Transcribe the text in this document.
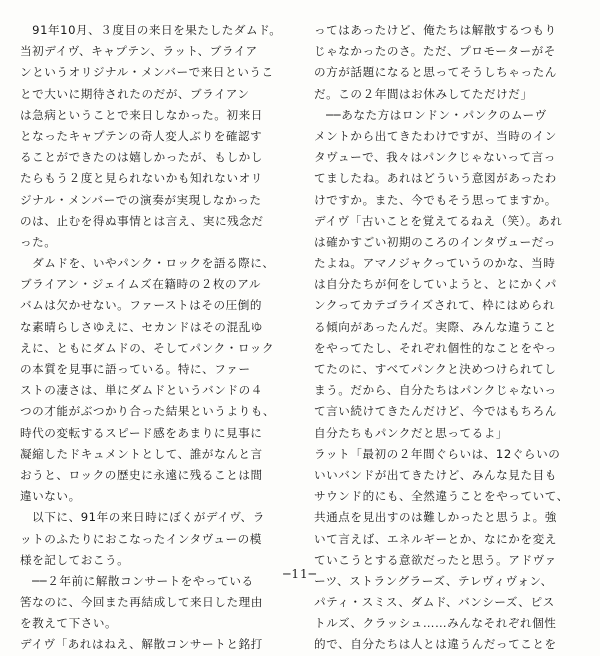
　91年10月、３度目の来日を果たしたダムド。
当初デイヴ、キャプテン、ラット、ブライア
ンというオリジナル・メンバーで来日というこ
とで大いに期待されたのだが、ブライアン
は急病ということで来日しなかった。初来日
となったキャプテンの奇人変人ぶりを確認す
ることができたのは嬉しかったが、もしかし
たらもう２度と見られないかも知れないオリ
ジナル・メンバーでの演奏が実現しなかった
のは、止むを得ぬ事情とは言え、実に残念だ
った。
　ダムドを、いやパンク・ロックを語る際に、
ブライアン・ジェイムズ在籍時の２枚のアル
バムは欠かせない。ファーストはその圧倒的
な素晴らしさゆえに、セカンドはその混乱ゆ
えに、ともにダムドの、そしてパンク・ロック
の本質を見事に語っている。特に、ファー
ストの凄さは、単にダムドというバンドの４
つの才能がぶつかり合った結果というよりも、
時代の変転するスピード感をあまりに見事に
凝縮したドキュメントとして、誰がなんと言
おうと、ロックの歴史に永遠に残ることは間
違いない。
　以下に、91年の来日時にぼくがデイヴ、ラ
ットのふたりにおこなったインタヴューの模
様を記しておこう。
　──２年前に解散コンサートをやっている
筈なのに、今回また再結成して来日した理由
を教えて下さい。
デイヴ「あれはねえ、解散コンサートと銘打
ってはあったけど、俺たちは解散するつもり
じゃなかったのさ。ただ、プロモーターがそ
の方が話題になると思ってそうしちゃったん
だ。この２年間はお休みしてただけだ」
　──あなた方はロンドン・パンクのムーヴ
メントから出てきたわけですが、当時のイン
タヴューで、我々はパンクじゃないって言っ
てましたね。あれはどういう意図があったわ
けですか。また、今でもそう思ってますか。
デイヴ「古いことを覚えてるねえ（笑）。あれ
は確かすごい初期のころのインタヴューだっ
たよね。アマノジャクっていうのかな、当時
は自分たちが何をしていようと、とにかくパ
ンクってカテゴライズされて、枠にはめられ
る傾向があったんだ。実際、みんな違うこと
をやってたし、それぞれ個性的なことをやっ
てたのに、すべてパンクと決めつけられてし
まう。だから、自分たちはパンクじゃないっ
て言い続けてきたんだけど、今ではもちろん
自分たちもパンクだと思ってるよ」
ラット「最初の２年間ぐらいは、12ぐらいの
いいバンドが出てきたけど、みんな見た目も
サウンド的にも、全然違うことをやっていて、
共通点を見出すのは難しかったと思うよ。強
いて言えば、エネルギーとか、なにかを変え
ていこうとする意欲だったと思う。アドヴァ
ーツ、ストラングラーズ、テレヴィヴォン、
パティ・スミス、ダムド、バンシーズ、ピス
トルズ、クラッシュ……みんなそれぞれ個性
的で、自分たちは人とは違うんだってことを
─11─
